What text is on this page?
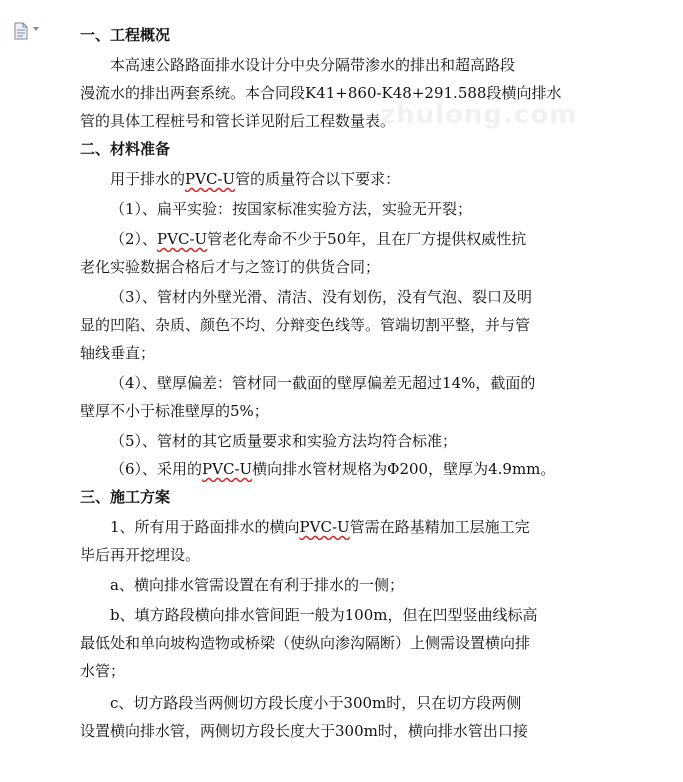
zhulong.com
一、工程概况
本高速公路路面排水设计分中央分隔带渗水的排出和超高路段
漫流水的排出两套系统。本合同段K41+860-K48+291.588段横向排水
管的具体工程桩号和管长详见附后工程数量表。
二、材料准备
用于排水的PVC-U管的质量符合以下要求：
（1）、扁平实验：按国家标准实验方法，实验无开裂；
（2）、PVC-U管老化寿命不少于50年，且在厂方提供权威性抗
老化实验数据合格后才与之签订的供货合同；
（3）、管材内外壁光滑、清洁、没有划伤，没有气泡、裂口及明
显的凹陷、杂质、颜色不均、分辩变色线等。管端切割平整，并与管
轴线垂直；
（4）、壁厚偏差：管材同一截面的壁厚偏差无超过14%，截面的
壁厚不小于标准壁厚的5%；
（5）、管材的其它质量要求和实验方法均符合标准；
（6）、采用的PVC-U横向排水管材规格为Φ200，壁厚为4.9mm。
三、施工方案
1、所有用于路面排水的横向PVC-U管需在路基精加工层施工完
毕后再开挖埋设。
a、横向排水管需设置在有利于排水的一侧；
b、填方路段横向排水管间距一般为100m，但在凹型竖曲线标高
最低处和单向坡构造物或桥梁（使纵向渗沟隔断）上侧需设置横向排
水管；
c、切方路段当两侧切方段长度小于300m时，只在切方段两侧
设置横向排水管，两侧切方段长度大于300m时，横向排水管出口接
